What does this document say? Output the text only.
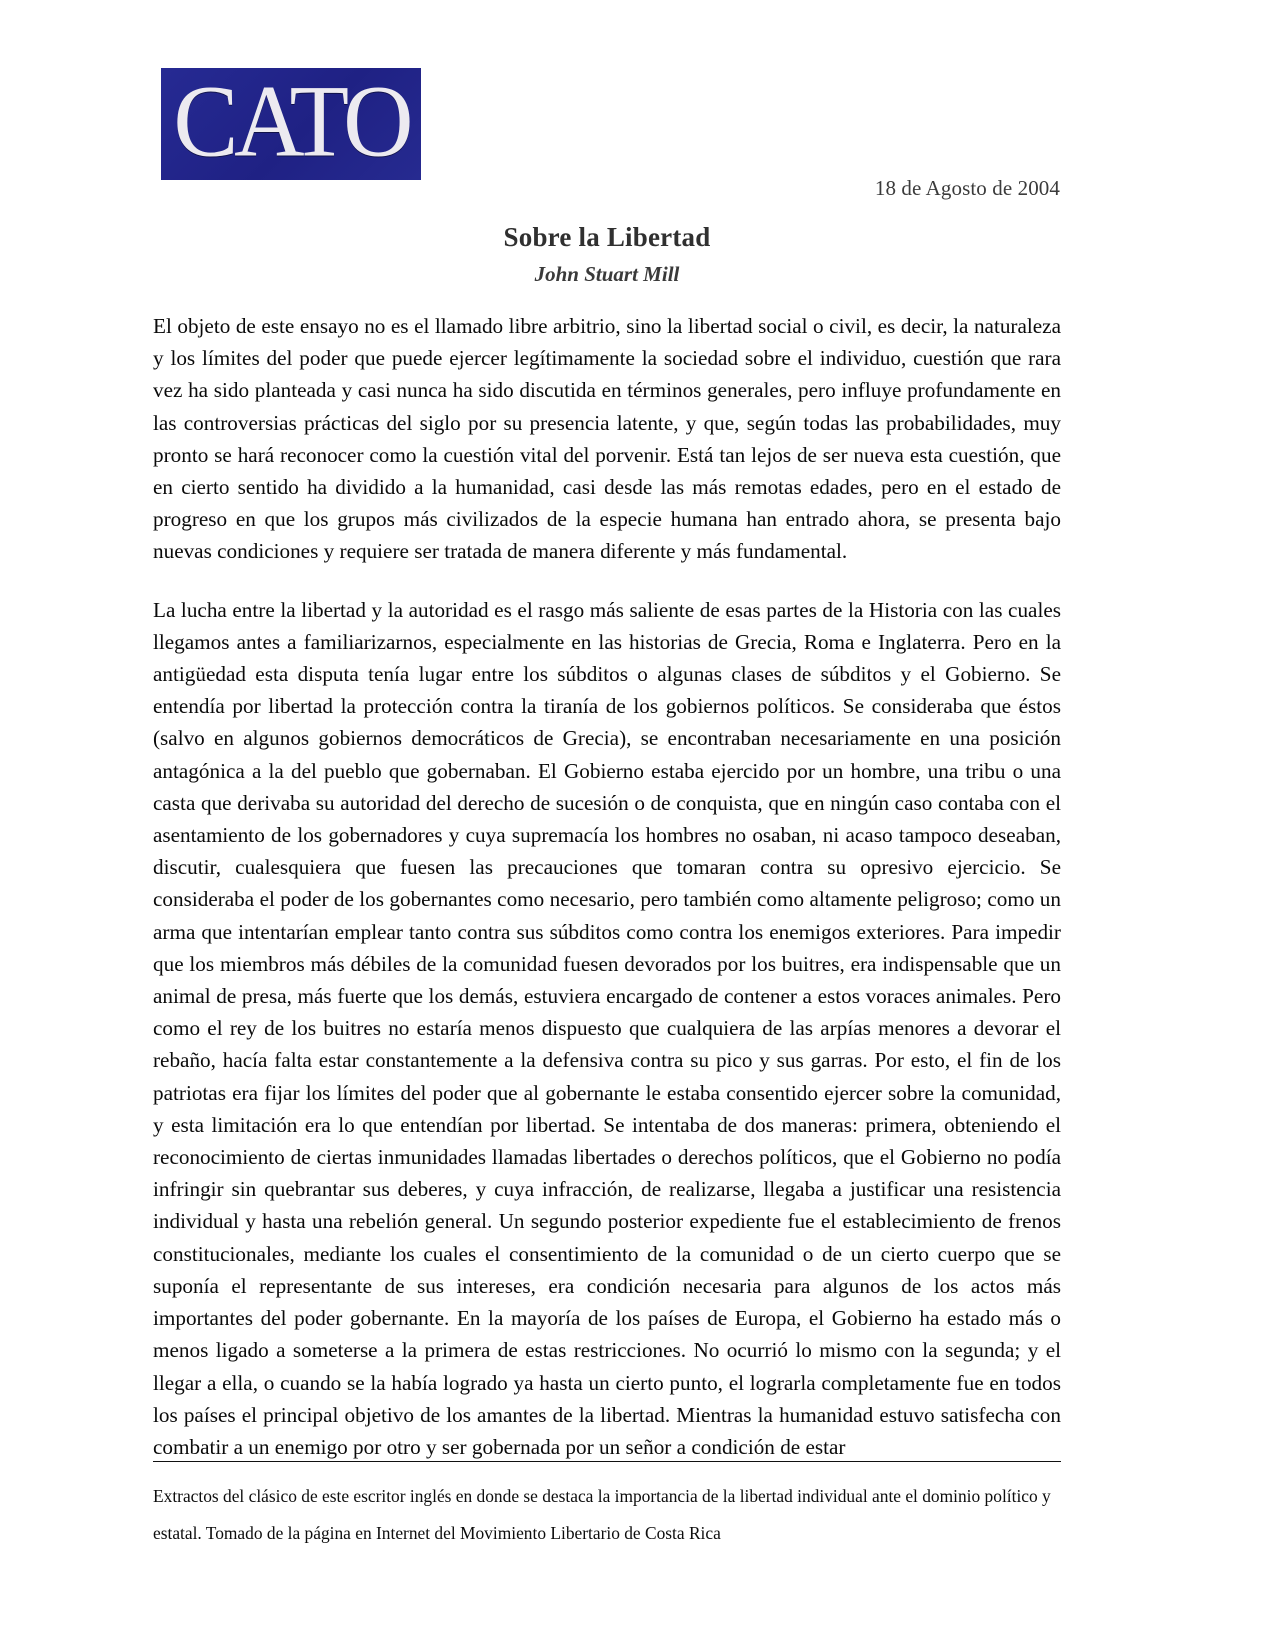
CATO
18 de Agosto de 2004
Sobre la Libertad
John Stuart Mill

El objeto de este ensayo no es el llamado libre arbitrio, sino la libertad social o civil, es decir, la naturaleza y los límites del poder que puede ejercer legítimamente la sociedad sobre el individuo, cuestión que rara vez ha sido planteada y casi nunca ha sido discutida en términos generales, pero influye profundamente en las controversias prácticas del siglo por su presencia latente, y que, según todas las probabilidades, muy pronto se hará reconocer como la cuestión vital del porvenir. Está tan lejos de ser nueva esta cuestión, que en cierto sentido ha dividido a la humanidad, casi desde las más remotas edades, pero en el estado de progreso en que los grupos más civilizados de la especie humana han entrado ahora, se presenta bajo nuevas condiciones y requiere ser tratada de manera diferente y más fundamental.

La lucha entre la libertad y la autoridad es el rasgo más saliente de esas partes de la Historia con las cuales llegamos antes a familiarizarnos, especialmente en las historias de Grecia, Roma e Inglaterra. Pero en la antigüedad esta disputa tenía lugar entre los súbditos o algunas clases de súbditos y el Gobierno. Se entendía por libertad la protección contra la tiranía de los gobiernos políticos. Se consideraba que éstos (salvo en algunos gobiernos democráticos de Grecia), se encontraban necesariamente en una posición antagónica a la del pueblo que gobernaban. El Gobierno estaba ejercido por un hombre, una tribu o una casta que derivaba su autoridad del derecho de sucesión o de conquista, que en ningún caso contaba con el asentamiento de los gobernadores y cuya supremacía los hombres no osaban, ni acaso tampoco deseaban, discutir, cualesquiera que fuesen las precauciones que tomaran contra su opresivo ejercicio. Se consideraba el poder de los gobernantes como necesario, pero también como altamente peligroso; como un arma que intentarían emplear tanto contra sus súbditos como contra los enemigos exteriores. Para impedir que los miembros más débiles de la comunidad fuesen devorados por los buitres, era indispensable que un animal de presa, más fuerte que los demás, estuviera encargado de contener a estos voraces animales. Pero como el rey de los buitres no estaría menos dispuesto que cualquiera de las arpías menores a devorar el rebaño, hacía falta estar constantemente a la defensiva contra su pico y sus garras. Por esto, el fin de los patriotas era fijar los límites del poder que al gobernante le estaba consentido ejercer sobre la comunidad, y esta limitación era lo que entendían por libertad. Se intentaba de dos maneras: primera, obteniendo el reconocimiento de ciertas inmunidades llamadas libertades o derechos políticos, que el Gobierno no podía infringir sin quebrantar sus deberes, y cuya infracción, de realizarse, llegaba a justificar una resistencia individual y hasta una rebelión general. Un segundo posterior expediente fue el establecimiento de frenos constitucionales, mediante los cuales el consentimiento de la comunidad o de un cierto cuerpo que se suponía el representante de sus intereses, era condición necesaria para algunos de los actos más importantes del poder gobernante. En la mayoría de los países de Europa, el Gobierno ha estado más o menos ligado a someterse a la primera de estas restricciones. No ocurrió lo mismo con la segunda; y el llegar a ella, o cuando se la había logrado ya hasta un cierto punto, el lograrla completamente fue en todos los países el principal objetivo de los amantes de la libertad. Mientras la humanidad estuvo satisfecha con combatir a un enemigo por otro y ser gobernada por un señor a condición de estar

Extractos del clásico de este escritor inglés en donde se destaca la importancia de la libertad individual ante el dominio político y estatal. Tomado de la página en Internet del Movimiento Libertario de Costa Rica
